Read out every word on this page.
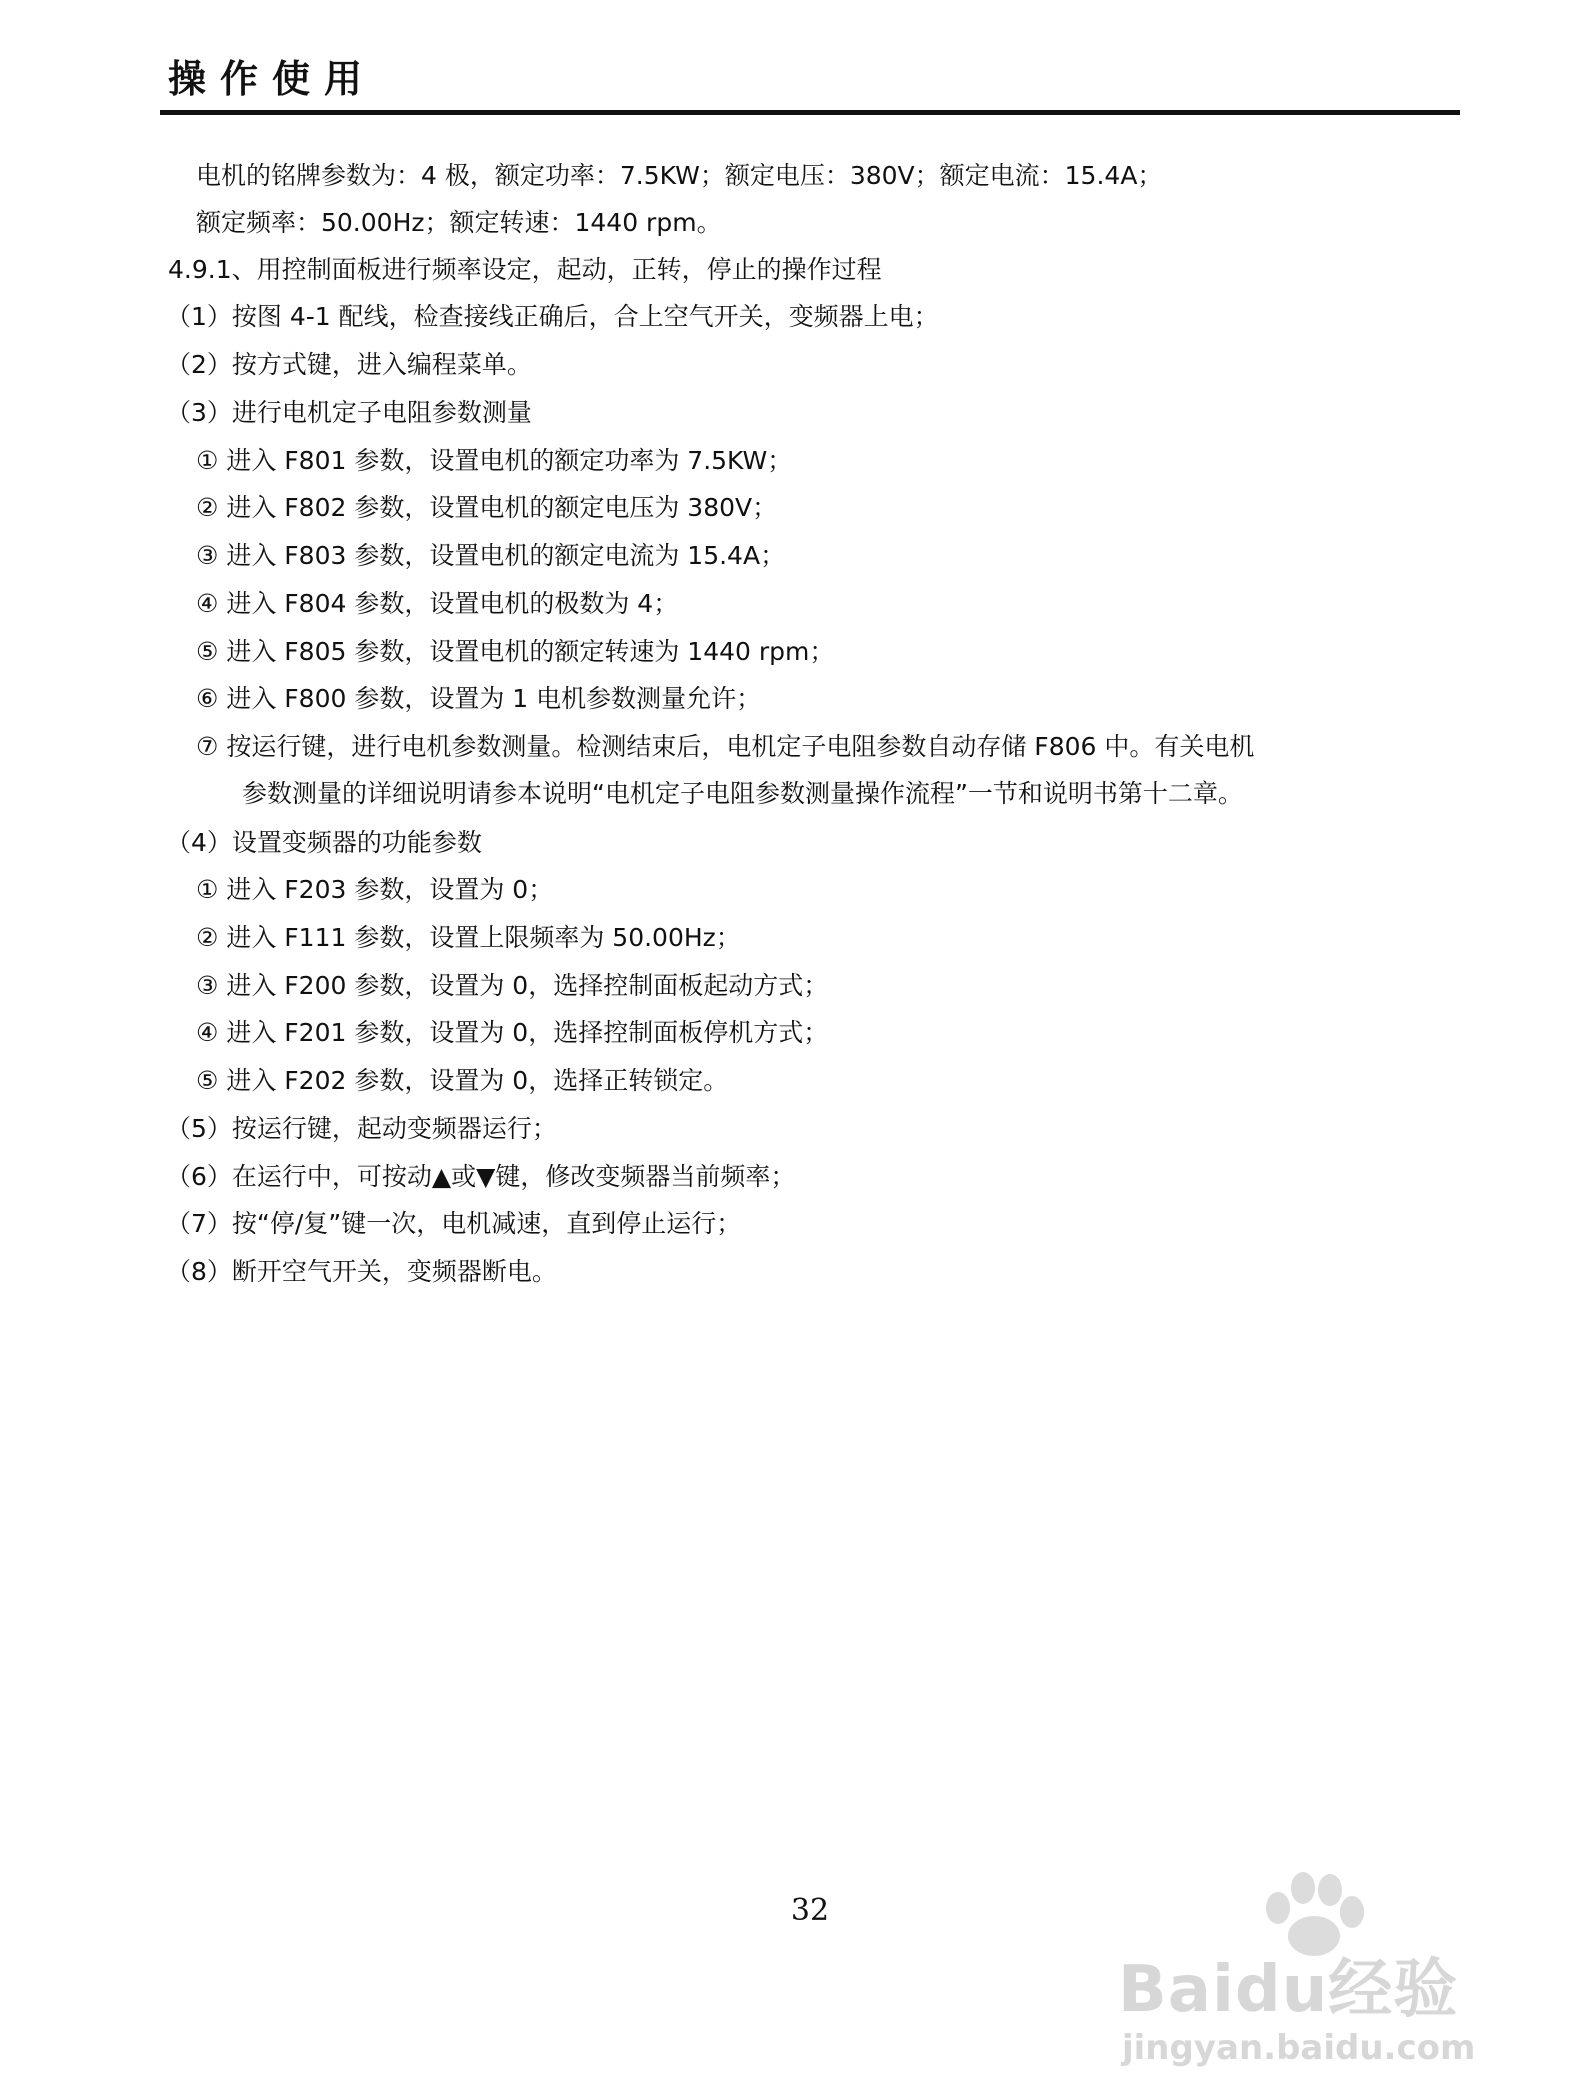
操作使用
电机的铭牌参数为：4 极，额定功率：7.5KW；额定电压：380V；额定电流：15.4A；
额定频率：50.00Hz；额定转速：1440 rpm。
4.9.1、用控制面板进行频率设定，起动，正转，停止的操作过程
（1）按图 4-1 配线，检查接线正确后，合上空气开关，变频器上电；
（2）按方式键，进入编程菜单。
（3）进行电机定子电阻参数测量
① 进入 F801 参数，设置电机的额定功率为 7.5KW；
② 进入 F802 参数，设置电机的额定电压为 380V；
③ 进入 F803 参数，设置电机的额定电流为 15.4A；
④ 进入 F804 参数，设置电机的极数为 4；
⑤ 进入 F805 参数，设置电机的额定转速为 1440 rpm；
⑥ 进入 F800 参数，设置为 1 电机参数测量允许；
⑦ 按运行键，进行电机参数测量。检测结束后，电机定子电阻参数自动存储 F806 中。有关电机
参数测量的详细说明请参本说明“电机定子电阻参数测量操作流程”一节和说明书第十二章。
（4）设置变频器的功能参数
① 进入 F203 参数，设置为 0；
② 进入 F111 参数，设置上限频率为 50.00Hz；
③ 进入 F200 参数，设置为 0，选择控制面板起动方式；
④ 进入 F201 参数，设置为 0，选择控制面板停机方式；
⑤ 进入 F202 参数，设置为 0，选择正转锁定。
（5）按运行键，起动变频器运行；
（6）在运行中，可按动▲或▼键，修改变频器当前频率；
（7）按“停/复”键一次，电机减速，直到停止运行；
（8）断开空气开关，变频器断电。
32
Baidu经验
jingyan.baidu.com
